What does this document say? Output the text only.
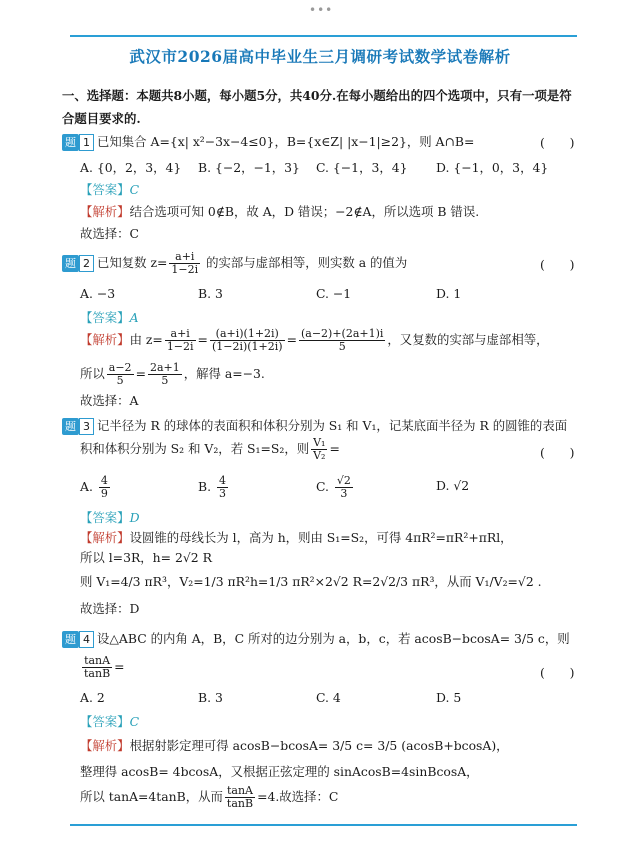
•••
武汉市2026届高中毕业生三月调研考试数学试卷解析
一、选择题：本题共8小题，每小题5分，共40分.在每小题给出的四个选项中，只有一项是符合题目要求的.
题 1 已知集合 A={x| x²−3x−4≤0}，B={x∈Z| |x−1|≥2}，则 A∩B=	(　　)
A. {0，2，3，4} B. {−2，−1，3} C. {−1，3，4} D. {−1，0，3，4}
【答案】C
【解析】结合选项可知 0∉B，故 A，D 错误；−2∉A，所以选项 B 错误.
故选择：C
题 2 已知复数 $z= \frac{a+i}{1-2i}$ 的实部与虚部相等，则实数 a 的值为	(　　)
A. −3	B. 3	C. −1	D. 1
【答案】A
【解析】由 $z= \frac{a+i}{1-2i} = \frac{(a+i)(1+2i)}{(1-2i)(1+2i)} = \frac{(a-2)+(2a+1)i}{5}$ ，又复数的实部与虚部相等，
所以 $\frac{a-2}{5} = \frac{2a+1}{5}$ ，解得 a=−3.
故选择：A
题 3 记半径为 R 的球体的表面积和体积分别为 S₁ 和 V₁，记某底面半径为 R 的圆锥的表面
积和体积分别为 S₂ 和 V₂，若 S₁=S₂，则 $\frac{\text{V₁}}{\text{V₂}}$ =	(　　)
A. $\frac{4}{9}$	B. $\frac{4}{3}$	C. $\frac{√2}{3}$	D. √2
【答案】D
【解析】设圆锥的母线长为 l，高为 h，则由 S₁=S₂，可得 4πR²=πR²+πRl，
所以 l=3R，h= 2√2 R
则 V₁=4/3 πR³，V₂=1/3 πR²h=1/3 πR²×2√2 R=2√2/3 πR³，从而 V₁/V₂=√2 .
故选择：D
题 4 设△ABC 的内角 A，B，C 所对的边分别为 a，b，c，若 acosB−bcosA= 3/5 c，则
$\frac{\tan A}{\tan B}$ =	(　　)
A. 2	B. 3	C. 4	D. 5
【答案】C
【解析】根据射影定理可得 acosB−bcosA= 3/5 c= 3/5 (acosB+bcosA)，
整理得 acosB= 4bcosA，又根据正弦定理的 sinAcosB=4sinBcosA，
所以 tanA=4tanB，从而 $\frac{\tan A}{\tan B} =4$.故选择：C
